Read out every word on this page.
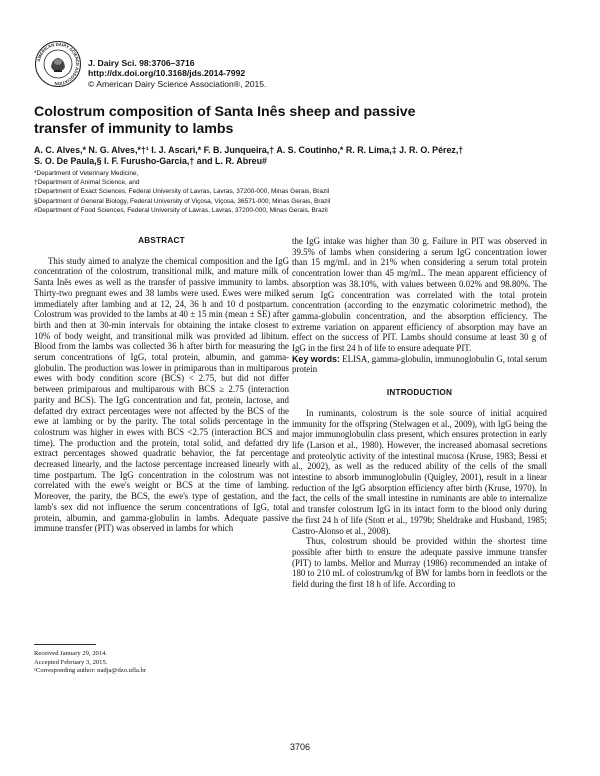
AMERICAN DAIRY SCIENCE ASSOCIATION
J. Dairy Sci. 98:3706–3716
http://dx.doi.org/10.3168/jds.2014-7992
© American Dairy Science Association®, 2015.
Colostrum composition of Santa Inês sheep and passive
transfer of immunity to lambs
A. C. Alves,* N. G. Alves,*†¹ I. J. Ascari,* F. B. Junqueira,† A. S. Coutinho,* R. R. Lima,‡ J. R. O. Pérez,†
S. O. De Paula,§ I. F. Furusho-Garcia,† and L. R. Abreu#
*Department of Veterinary Medicine,
†Department of Animal Science, and
‡Department of Exact Sciences, Federal University of Lavras, Lavras, 37200-000, Minas Gerais, Brazil
§Department of General Biology, Federal University of Viçosa, Viçosa, 36571-000, Minas Gerais, Brazil
#Department of Food Sciences, Federal University of Lavras, Lavras, 37200-000, Minas Gerais, Brazil
ABSTRACT

This study aimed to analyze the chemical composition and the IgG concentration of the colostrum, transitional milk, and mature milk of Santa Inês ewes as well as the transfer of passive immunity to lambs. Thirty-two pregnant ewes and 38 lambs were used. Ewes were milked immediately after lambing and at 12, 24, 36 h and 10 d postpartum. Colostrum was provided to the lambs at 40 ± 15 min (mean ± SE) after birth and then at 30-min intervals for obtaining the intake closest to 10% of body weight, and transitional milk was provided ad libitum. Blood from the lambs was collected 36 h after birth for measuring the serum concentrations of IgG, total protein, albumin, and gamma-globulin. The production was lower in primiparous than in multiparous ewes with body condition score (BCS) < 2.75, but did not differ between primiparous and multiparous with BCS ≥ 2.75 (interaction parity and BCS). The IgG concentration and fat, protein, lactose, and defatted dry extract percentages were not affected by the BCS of the ewe at lambing or by the parity. The total solids percentage in the colostrum was higher in ewes with BCS <2.75 (interaction BCS and time). The production and the protein, total solid, and defatted dry extract percentages showed quadratic behavior, the fat percentage decreased linearly, and the lactose percentage increased linearly with time postpartum. The IgG concentration in the colostrum was not correlated with the ewe's weight or BCS at the time of lambing. Moreover, the parity, the BCS, the ewe's type of gestation, and the lamb's sex did not influence the serum concentrations of IgG, total protein, albumin, and gamma-globulin in lambs. Adequate passive immune transfer (PIT) was observed in lambs for which

the IgG intake was higher than 30 g. Failure in PIT was observed in 39.5% of lambs when considering a serum IgG concentration lower than 15 mg/mL and in 21% when considering a serum total protein concentration lower than 45 mg/mL. The mean apparent efficiency of absorption was 38.10%, with values between 0.02% and 98.80%. The serum IgG concentration was correlated with the total protein concentration (according to the enzymatic colorimetric method), the gamma-globulin concentration, and the absorption efficiency. The extreme variation on apparent efficiency of absorption may have an effect on the success of PIT. Lambs should consume at least 30 g of IgG in the first 24 h of life to ensure adequate PIT.

Key words: ELISA, gamma-globulin, immunoglobulin G, total serum protein

INTRODUCTION

In ruminants, colostrum is the sole source of initial acquired immunity for the offspring (Stelwagen et al., 2009), with IgG being the major immunoglobulin class present, which ensures protection in early life (Larson et al., 1980). However, the increased abomasal secretions and proteolytic activity of the intestinal mucosa (Kruse, 1983; Bessi et al., 2002), as well as the reduced ability of the cells of the small intestine to absorb immunoglobulin (Quigley, 2001), result in a linear reduction of the IgG absorption efficiency after birth (Kruse, 1970). In fact, the cells of the small intestine in ruminants are able to internalize and transfer colostrum IgG in its intact form to the blood only during the first 24 h of life (Stott et al., 1979b; Sheldrake and Husband, 1985; Castro-Alonso et al., 2008).

Thus, colostrum should be provided within the shortest time possible after birth to ensure the adequate passive immune transfer (PIT) to lambs. Mellor and Murray (1986) recommended an intake of 180 to 210 mL of colostrum/kg of BW for lambs born in feedlots or the field during the first 18 h of life. According to

Received January 29, 2014.
Accepted February 3, 2015.
¹Corresponding author: nadja@dzo.ufla.br
3706
